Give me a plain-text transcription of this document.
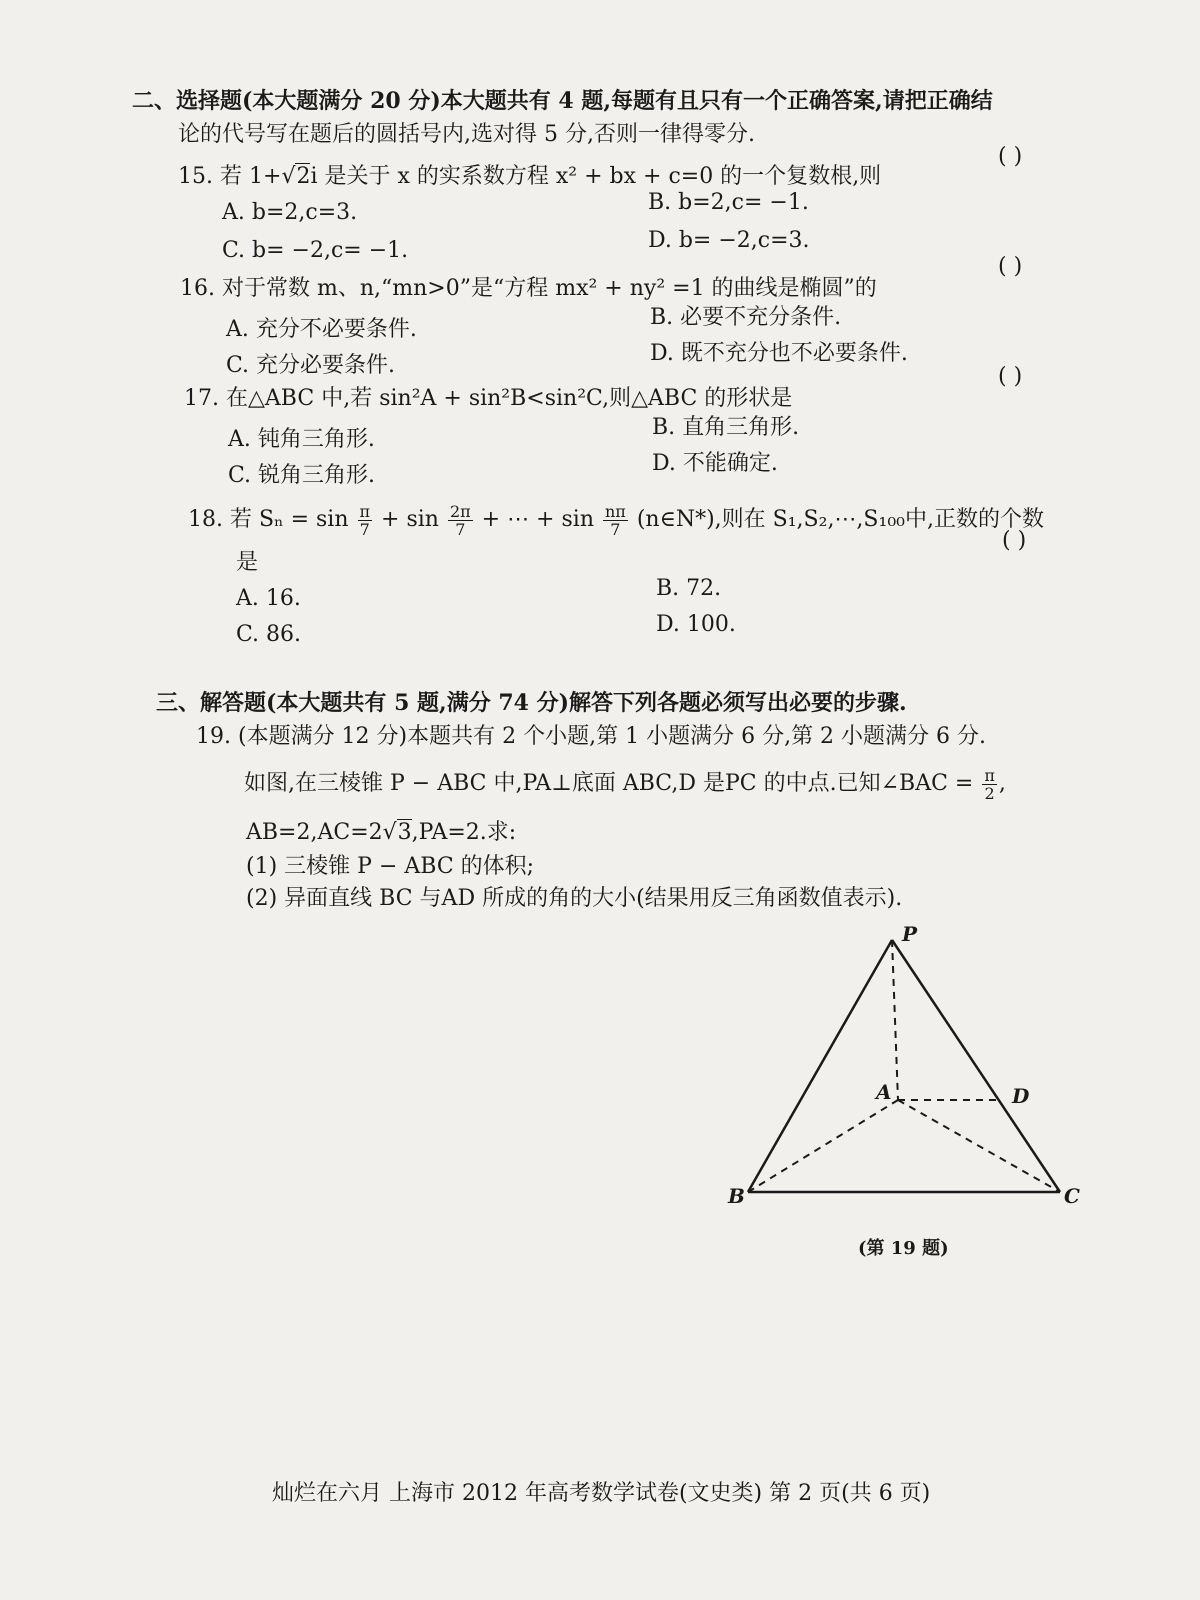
二、选择题(本大题满分 20 分)本大题共有 4 题,每题有且只有一个正确答案,请把正确结
论的代号写在题后的圆括号内,选对得 5 分,否则一律得零分.
15. 若 1+√2i 是关于 x 的实系数方程 x² + bx + c=0 的一个复数根,则
( )
A. b=2,c=3.	B. b=2,c= −1.
C. b= −2,c= −1.	D. b= −2,c=3.
16. 对于常数 m、n,“mn>0”是“方程 mx² + ny² =1 的曲线是椭圆”的
( )
A. 充分不必要条件.	B. 必要不充分条件.
C. 充分必要条件.	D. 既不充分也不必要条件.
17. 在△ABC 中,若 sin²A + sin²B<sin²C,则△ABC 的形状是
( )
A. 钝角三角形.	B. 直角三角形.
C. 锐角三角形.	D. 不能确定.
18. 若 $S_n = \sin \frac{\pi}{7} + \sin \frac{2\pi}{7}$ + ⋯ + $\sin \frac{n\pi}{7}$ (n∈N*),则在 S₁,S₂,⋯,S₁₀₀中,正数的个数
是
( )
A. 16.	B. 72.
C. 86.	D. 100.
三、解答题(本大题共有 5 题,满分 74 分)解答下列各题必须写出必要的步骤.
19. (本题满分 12 分)本题共有 2 个小题,第 1 小题满分 6 分,第 2 小题满分 6 分.
如图,在三棱锥 P − ABC 中,PA⊥底面 ABC,D 是PC 的中点.已知∠BAC = $\frac{\pi}{2}$ ,
AB=2,AC=2√3,PA=2.求:
(1) 三棱锥 P − ABC 的体积;
(2) 异面直线 BC 与AD 所成的角的大小(结果用反三角函数值表示).
P
A	D
B	C
(第 19 题)
灿烂在六月 上海市 2012 年高考数学试卷(文史类) 第 2 页(共 6 页)
